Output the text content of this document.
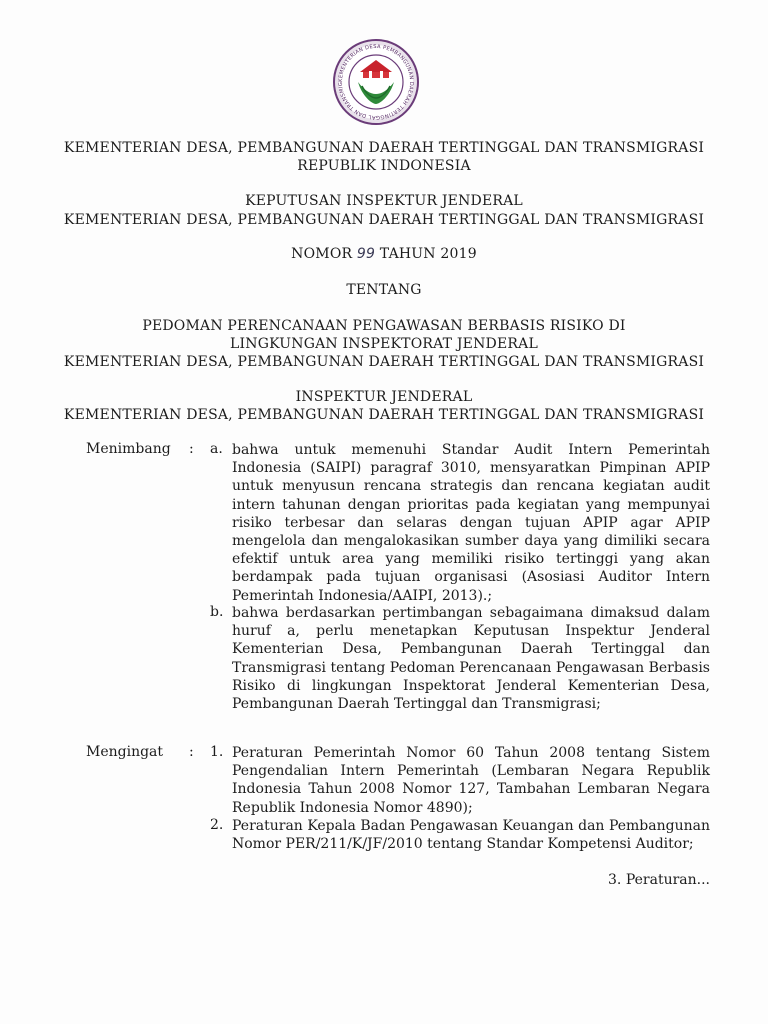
KEMENTERIAN DESA PEMBANGUNAN DAERAH TERTINGGAL DAN TRANSMIG
KEMENTERIAN DESA, PEMBANGUNAN DAERAH TERTINGGAL DAN TRANSMIGRASI
REPUBLIK INDONESIA
KEPUTUSAN INSPEKTUR JENDERAL
KEMENTERIAN DESA, PEMBANGUNAN DAERAH TERTINGGAL DAN TRANSMIGRASI
NOMOR 99 TAHUN 2019
TENTANG
PEDOMAN PERENCANAAN PENGAWASAN BERBASIS RISIKO DI
LINGKUNGAN INSPEKTORAT JENDERAL
KEMENTERIAN DESA, PEMBANGUNAN DAERAH TERTINGGAL DAN TRANSMIGRASI
INSPEKTUR JENDERAL
KEMENTERIAN DESA, PEMBANGUNAN DAERAH TERTINGGAL DAN TRANSMIGRASI
Menimbang : a. bahwa untuk memenuhi Standar Audit Intern Pemerintah Indonesia (SAIPI) paragraf 3010, mensyaratkan Pimpinan APIP untuk menyusun rencana strategis dan rencana kegiatan audit intern tahunan dengan prioritas pada kegiatan yang mempunyai risiko terbesar dan selaras dengan tujuan APIP agar APIP mengelola dan mengalokasikan sumber daya yang dimiliki secara efektif untuk area yang memiliki risiko tertinggi yang akan berdampak pada tujuan organisasi (Asosiasi Auditor Intern Pemerintah Indonesia/AAIPI, 2013).;
b. bahwa berdasarkan pertimbangan sebagaimana dimaksud dalam huruf a, perlu menetapkan Keputusan Inspektur Jenderal Kementerian Desa, Pembangunan Daerah Tertinggal dan Transmigrasi tentang Pedoman Perencanaan Pengawasan Berbasis Risiko di lingkungan Inspektorat Jenderal Kementerian Desa, Pembangunan Daerah Tertinggal dan Transmigrasi;
Mengingat : 1. Peraturan Pemerintah Nomor 60 Tahun 2008 tentang Sistem Pengendalian Intern Pemerintah (Lembaran Negara Republik Indonesia Tahun 2008 Nomor 127, Tambahan Lembaran Negara Republik Indonesia Nomor 4890);
2. Peraturan Kepala Badan Pengawasan Keuangan dan Pembangunan Nomor PER/211/K/JF/2010 tentang Standar Kompetensi Auditor;
3. Peraturan...
